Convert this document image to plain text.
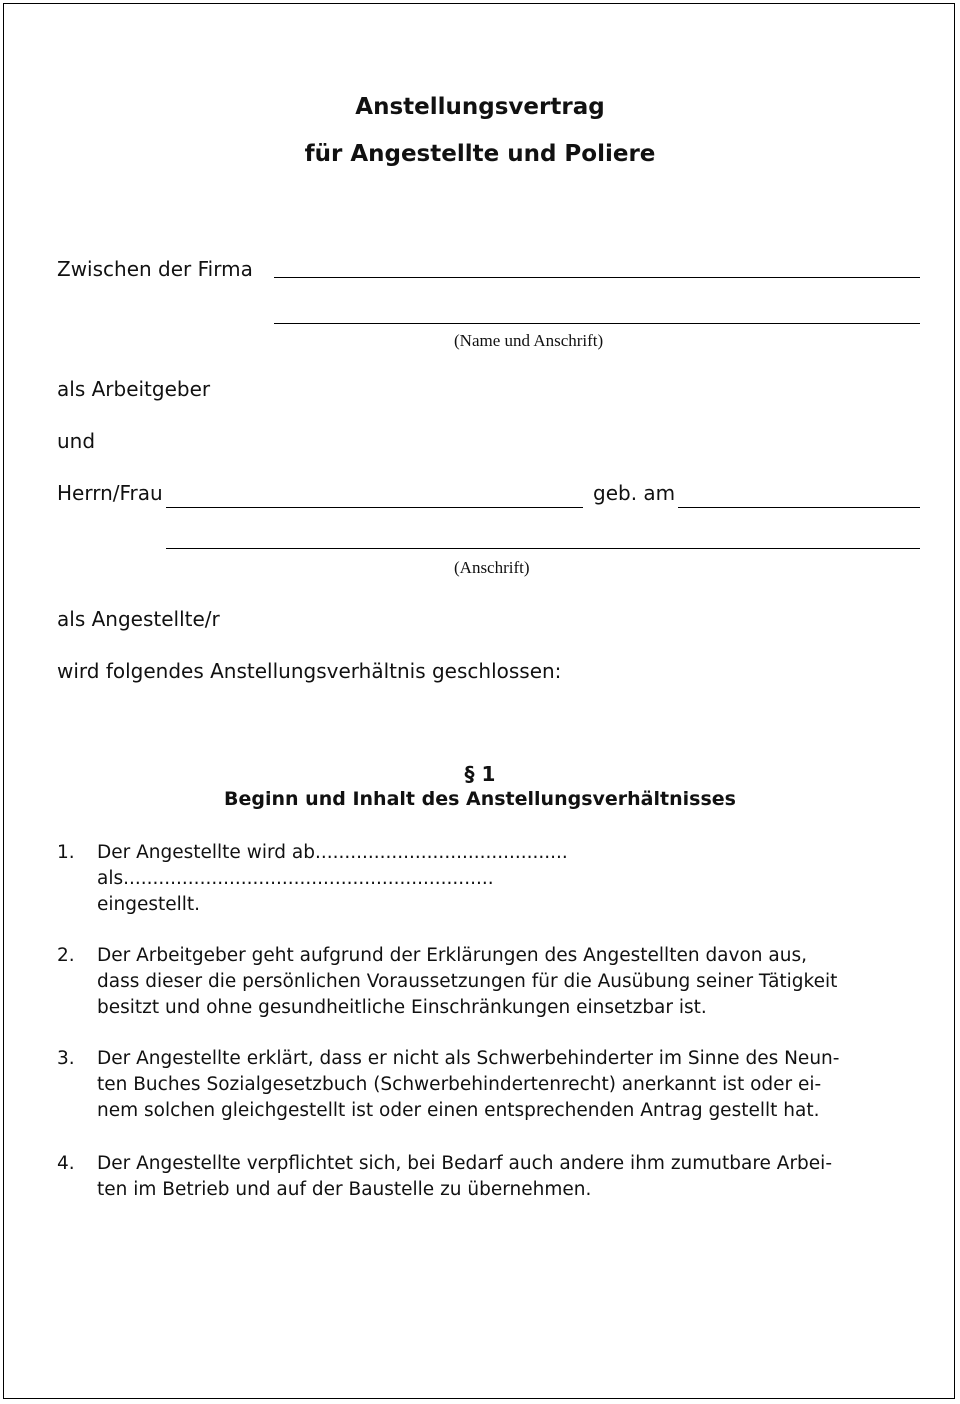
Anstellungsvertrag
für Angestellte und Poliere
Zwischen der Firma
(Name und Anschrift)
als Arbeitgeber
und
Herrn/Frau	geb. am
(Anschrift)
als Angestellte/r
wird folgendes Anstellungsverhältnis geschlossen:
§ 1
Beginn und Inhalt des Anstellungsverhältnisses
1. Der Angestellte wird ab...........................................
als...............................................................
eingestellt.
2. Der Arbeitgeber geht aufgrund der Erklärungen des Angestellten davon aus,
dass dieser die persönlichen Voraussetzungen für die Ausübung seiner Tätigkeit
besitzt und ohne gesundheitliche Einschränkungen einsetzbar ist.
3. Der Angestellte erklärt, dass er nicht als Schwerbehinderter im Sinne des Neun-
ten Buches Sozialgesetzbuch (Schwerbehindertenrecht) anerkannt ist oder ei-
nem solchen gleichgestellt ist oder einen entsprechenden Antrag gestellt hat.
4. Der Angestellte verpflichtet sich, bei Bedarf auch andere ihm zumutbare Arbei-
ten im Betrieb und auf der Baustelle zu übernehmen.
